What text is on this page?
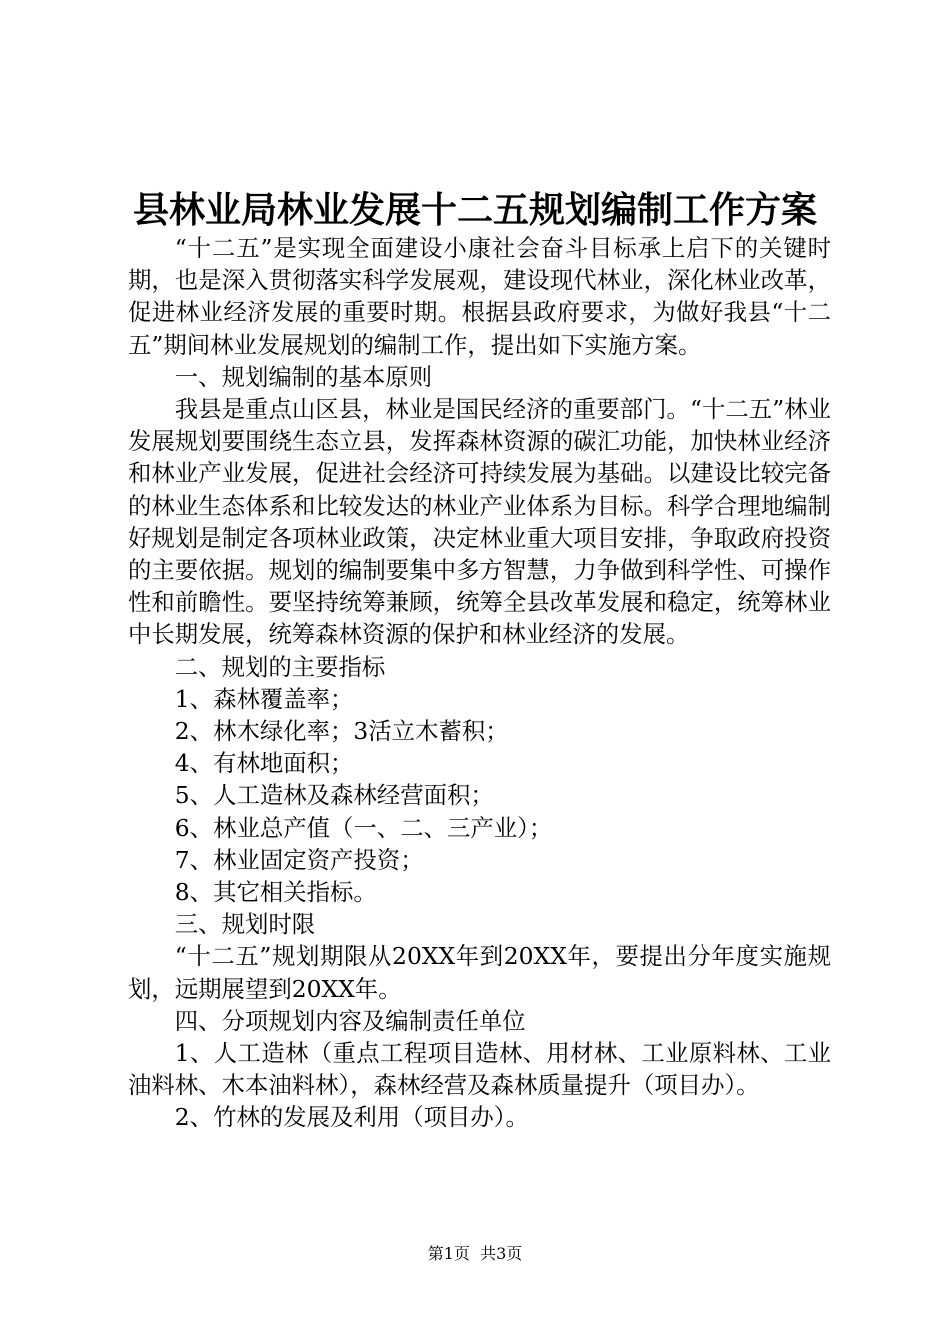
县林业局林业发展十二五规划编制工作方案

“十二五”是实现全面建设小康社会奋斗目标承上启下的关键时期，也是深入贯彻落实科学发展观，建设现代林业，深化林业改革，促进林业经济发展的重要时期。根据县政府要求，为做好我县“十二五”期间林业发展规划的编制工作，提出如下实施方案。

一、规划编制的基本原则

我县是重点山区县，林业是国民经济的重要部门。“十二五”林业发展规划要围绕生态立县，发挥森林资源的碳汇功能，加快林业经济和林业产业发展，促进社会经济可持续发展为基础。以建设比较完备的林业生态体系和比较发达的林业产业体系为目标。科学合理地编制好规划是制定各项林业政策，决定林业重大项目安排，争取政府投资的主要依据。规划的编制要集中多方智慧，力争做到科学性、可操作性和前瞻性。要坚持统筹兼顾，统筹全县改革发展和稳定，统筹林业中长期发展，统筹森林资源的保护和林业经济的发展。

二、规划的主要指标

1、森林覆盖率；

2、林木绿化率；3活立木蓄积；

4、有林地面积；

5、人工造林及森林经营面积；

6、林业总产值（一、二、三产业）；

7、林业固定资产投资；

8、其它相关指标。

三、规划时限

“十二五”规划期限从20XX年到20XX年，要提出分年度实施规划，远期展望到20XX年。

四、分项规划内容及编制责任单位

1、人工造林（重点工程项目造林、用材林、工业原料林、工业油料林、木本油料林），森林经营及森林质量提升（项目办）。

2、竹林的发展及利用（项目办）。

第1页 共3页
